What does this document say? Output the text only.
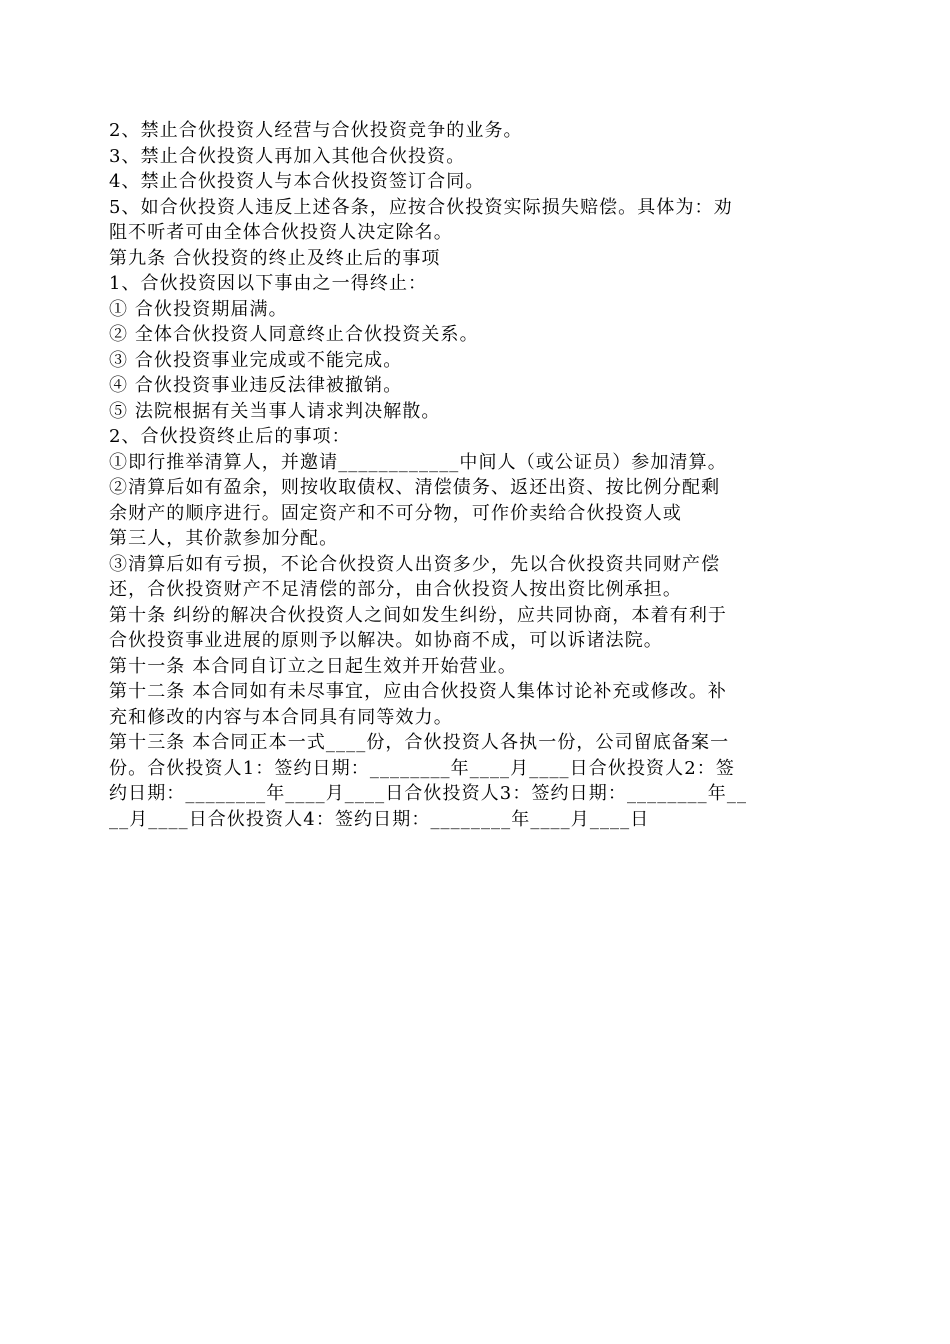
2、禁止合伙投资人经营与合伙投资竞争的业务。
3、禁止合伙投资人再加入其他合伙投资。
4、禁止合伙投资人与本合伙投资签订合同。
5、如合伙投资人违反上述各条，应按合伙投资实际损失赔偿。具体为：劝
阻不听者可由全体合伙投资人决定除名。
第九条 合伙投资的终止及终止后的事项
1、合伙投资因以下事由之一得终止：
① 合伙投资期届满。
② 全体合伙投资人同意终止合伙投资关系。
③ 合伙投资事业完成或不能完成。
④ 合伙投资事业违反法律被撤销。
⑤ 法院根据有关当事人请求判决解散。
2、合伙投资终止后的事项：
①即行推举清算人，并邀请____________中间人（或公证员）参加清算。
②清算后如有盈余，则按收取债权、清偿债务、返还出资、按比例分配剩
余财产的顺序进行。固定资产和不可分物，可作价卖给合伙投资人或
第三人，其价款参加分配。
③清算后如有亏损，不论合伙投资人出资多少，先以合伙投资共同财产偿
还，合伙投资财产不足清偿的部分，由合伙投资人按出资比例承担。
第十条 纠纷的解决合伙投资人之间如发生纠纷，应共同协商，本着有利于
合伙投资事业进展的原则予以解决。如协商不成，可以诉诸法院。
第十一条 本合同自订立之日起生效并开始营业。
第十二条 本合同如有未尽事宜，应由合伙投资人集体讨论补充或修改。补
充和修改的内容与本合同具有同等效力。
第十三条 本合同正本一式____份，合伙投资人各执一份，公司留底备案一
份。合伙投资人1：签约日期：________年____月____日合伙投资人2：签
约日期：________年____月____日合伙投资人3：签约日期：________年__
__月____日合伙投资人4：签约日期：________年____月____日
